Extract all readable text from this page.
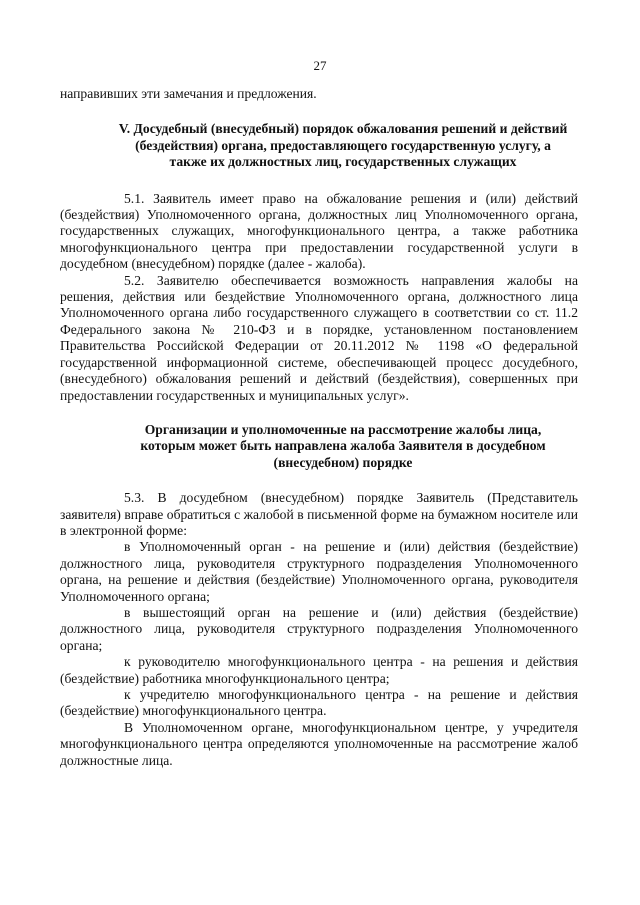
27

направивших эти замечания и предложения.

V. Досудебный (внесудебный) порядок обжалования решений и действий (бездействия) органа, предоставляющего государственную услугу, а также их должностных лиц, государственных служащих

5.1. Заявитель имеет право на обжалование решения и (или) действий (бездействия) Уполномоченного органа, должностных лиц Уполномоченного органа, государственных служащих, многофункционального центра, а также работника многофункционального центра при предоставлении государственной услуги в досудебном (внесудебном) порядке (далее - жалоба).

5.2. Заявителю обеспечивается возможность направления жалобы на решения, действия или бездействие Уполномоченного органа, должностного лица Уполномоченного органа либо государственного служащего в соответствии со ст. 11.2 Федерального закона № 210-ФЗ и в порядке, установленном постановлением Правительства Российской Федерации от 20.11.2012 № 1198 «О федеральной государственной информационной системе, обеспечивающей процесс досудебного, (внесудебного) обжалования решений и действий (бездействия), совершенных при предоставлении государственных и муниципальных услуг».

Организации и уполномоченные на рассмотрение жалобы лица, которым может быть направлена жалоба Заявителя в досудебном (внесудебном) порядке

5.3. В досудебном (внесудебном) порядке Заявитель (Представитель заявителя) вправе обратиться с жалобой в письменной форме на бумажном носителе или в электронной форме:

в Уполномоченный орган - на решение и (или) действия (бездействие) должностного лица, руководителя структурного подразделения Уполномоченного органа, на решение и действия (бездействие) Уполномоченного органа, руководителя Уполномоченного органа;

в вышестоящий орган на решение и (или) действия (бездействие) должностного лица, руководителя структурного подразделения Уполномоченного органа;

к руководителю многофункционального центра - на решения и действия (бездействие) работника многофункционального центра;

к учредителю многофункционального центра - на решение и действия (бездействие) многофункционального центра.

В Уполномоченном органе, многофункциональном центре, у учредителя многофункционального центра определяются уполномоченные на рассмотрение жалоб должностные лица.
